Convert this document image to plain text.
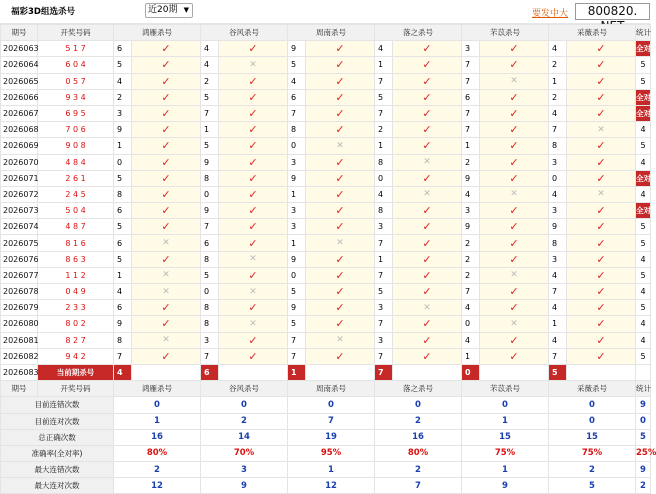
福彩3D组选杀号	近20期 ▼	要发中大	800820.
期号	开奖号码	鸿雁杀号		谷风杀号		周南杀号		落之杀号		芣苡杀号		采薇杀号		统计
2026063	5 1 7	6	✓	4	✓	9	✓	4	✓	3	✓	4	✓	全对
2026064	6 0 4	5	✓	4	✕	5	✓	1	✓	7	✓	2	✓	5
2026065	0 5 7	4	✓	2	✓	4	✓	7	✓	7	✕	1	✓	5
2026066	9 3 4	2	✓	5	✓	6	✓	5	✓	6	✓	2	✓	全对
2026067	6 9 5	3	✓	7	✓	7	✓	7	✓	7	✓	4	✓	全对
2026068	7 0 6	9	✓	1	✓	8	✓	2	✓	7	✓	7	✕	4
2026069	9 0 8	1	✓	5	✓	0	✕	1	✓	1	✓	8	✓	5
2026070	4 8 4	0	✓	9	✓	3	✓	8	✕	2	✓	3	✓	4
2026071	2 6 1	5	✓	8	✓	9	✓	0	✓	9	✓	0	✓	全对
2026072	2 4 5	8	✓	0	✓	1	✓	4	✕	4	✕	4	✕	4
2026073	5 0 4	6	✓	9	✓	3	✓	8	✓	3	✓	3	✓	全对
2026074	4 8 7	5	✓	7	✓	3	✓	3	✓	9	✓	9	✓	5
2026075	8 1 6	6	✕	6	✓	1	✕	7	✓	2	✓	8	✓	5
2026076	8 6 3	5	✓	8	✕	9	✓	1	✓	2	✓	3	✓	4
2026077	1 1 2	1	✕	5	✓	0	✓	7	✓	2	✕	4	✓	5
2026078	0 4 9	4	✕	0	✕	5	✓	5	✓	7	✓	7	✓	4
2026079	2 3 3	6	✓	8	✓	9	✓	3	✕	4	✓	4	✓	5
2026080	8 0 2	9	✓	8	✕	5	✓	7	✓	0	✕	1	✓	4
2026081	8 2 7	8	✕	3	✓	7	✕	3	✓	4	✓	4	✓	4
2026082	9 4 2	7	✓	7	✓	7	✓	7	✓	1	✓	7	✓	5
2026083	当前期杀号	4		6		1		7		0		5		
期号	开奖号码	鸿雁杀号		谷风杀号		周南杀号		落之杀号		芣苡杀号		采薇杀号		统计
目前连错次数		0		0		0		0		0		0		9
目前连对次数		1		2		7		2		1		0		0
总正确次数		16		14		19		16		15		15		5
准确率(全对率)		80%		70%		95%		80%		75%		75%		25%
最大连错次数		2		3		1		2		1		2		9
最大连对次数		12		9		12		7		9		5		2
